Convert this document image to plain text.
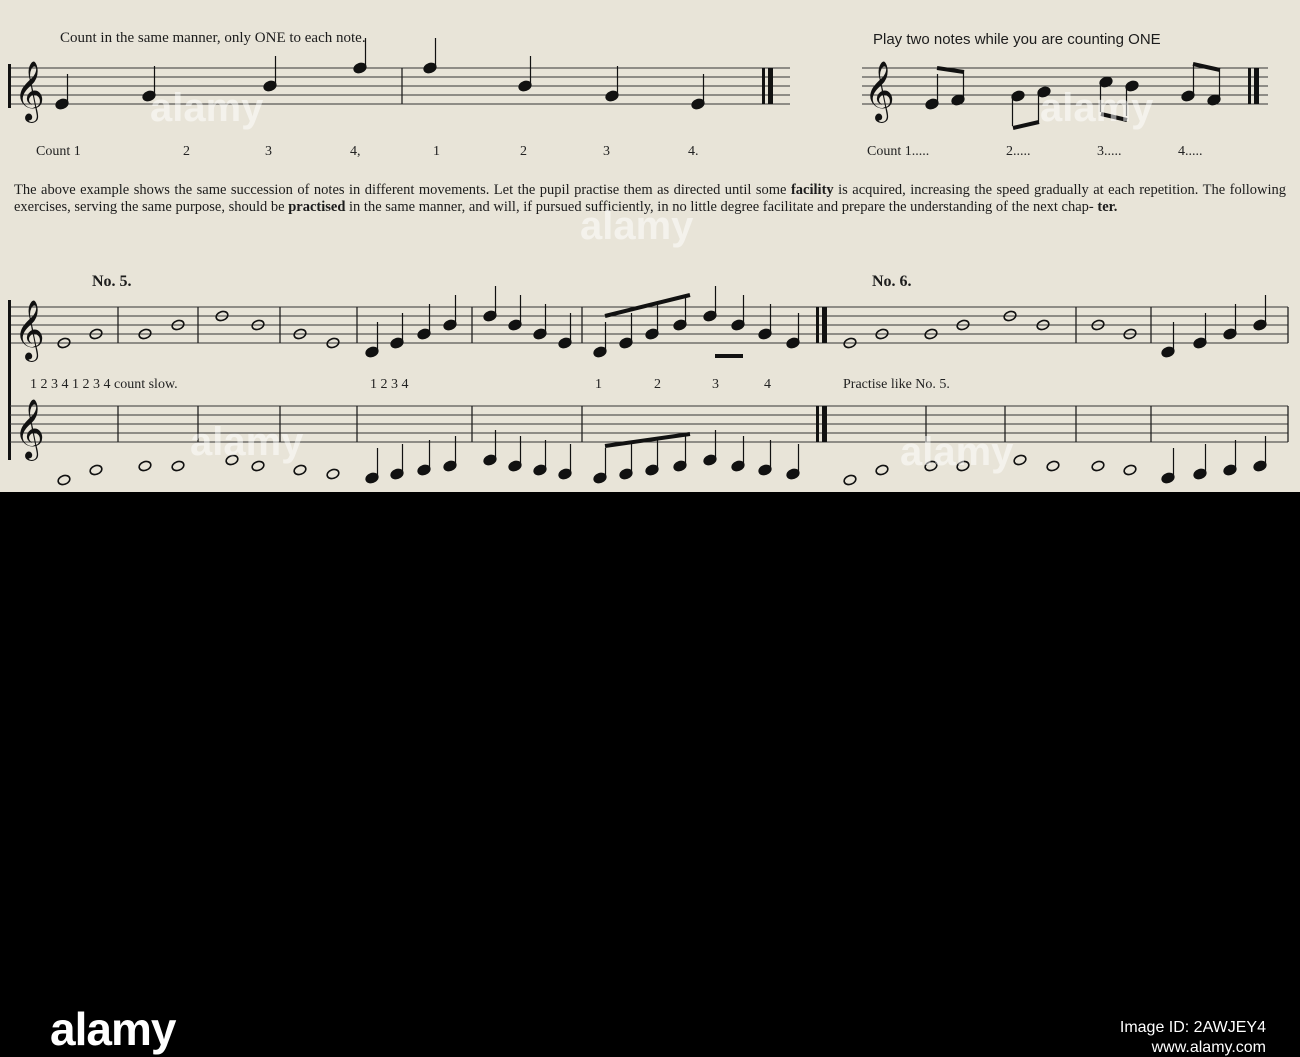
𝄞	𝄞
𝄞
𝄞
Count in the same manner, only ONE to each note.	Play two notes while you are counting ONE
Count 1	2	3	4,	1	2	3	4.	Count 1.....	2.....	3.....	4.....
The above example shows the same succession of notes in different movements. Let the pupil practise them as directed until some facility is acquired, increasing the speed gradually at each repetition. The following exercises, serving the same purpose, should be practised in the same manner, and will, if pursued sufficiently, in no little degree facilitate and prepare the understanding of the next chap- ter.
No. 5.	No. 6.
1 2 3 4 1 2 3 4 count slow.	1 2 3 4	1	2	3	4	Practise like No. 5.
alamy
alamy
alamy
alamy	alamy
alamy	Image ID: 2AWJEY4
www.alamy.com
